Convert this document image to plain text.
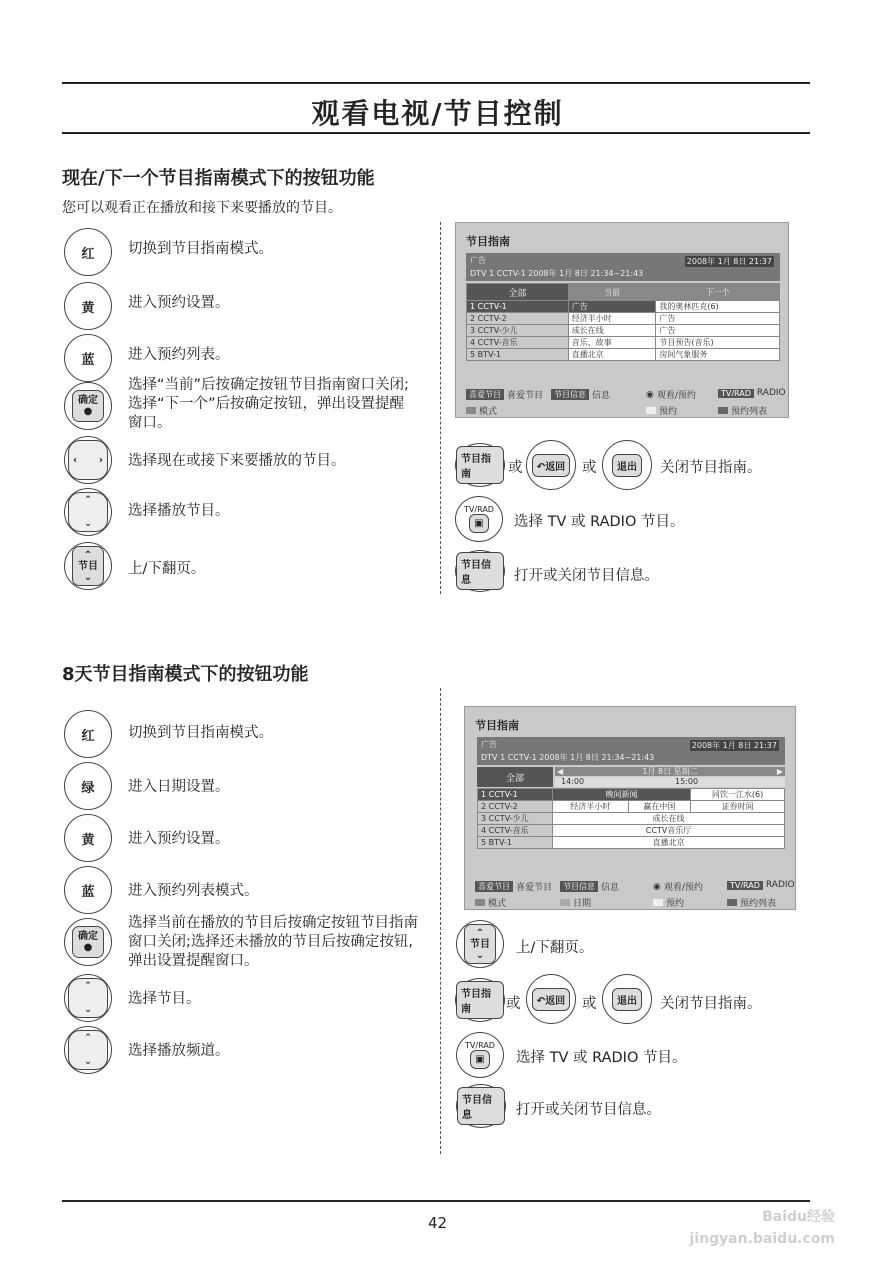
观看电视/节目控制
现在/下一个节目指南模式下的按钮功能
您可以观看正在播放和接下来要播放的节目。
红 切换到节目指南模式。
黄 进入预约设置。
蓝 进入预约列表。
确定
●
选择“当前”后按确定按钮节目指南窗口关闭;选择“下一个”后按确定按钮，弹出设置提醒窗口。
‹ › 选择现在或接下来要播放的节目。
⌃
⌄
选择播放节目。
⌃
节目
⌄ 上/下翻页。
节目指南
广告	2008年 1月 8日 21:37
DTV 1 CCTV-1 2008年 1月 8日 21:34~21:43
全部	当前	下一个
1 CCTV-1	广告	我的奥林匹克(6)
2 CCTV-2	经济半小时	广告
3 CCTV-少儿	成长在线	广告
4 CCTV-音乐	音乐、故事	节目预告(音乐)
5 BTV-1	直播北京	房间气象服务
喜爱节目 喜爱节目	节目信息 信息	◉ 观看/预约	TV/RAD RADIO
模式	预约	预约列表
节目指南	或	↶返回	或	退出	关闭节目指南。
TV/RAD
▣	选择 TV 或 RADIO 节目。
节目信息	打开或关闭节目信息。
8天节目指南模式下的按钮功能
红 切换到节目指南模式。
绿 进入日期设置。
黄 进入预约设置。
蓝 进入预约列表模式。
确定
●
选择当前在播放的节目后按确定按钮节目指南窗口关闭;选择还未播放的节目后按确定按钮,弹出设置提醒窗口。
⌃
⌄
选择节目。
⌃
⌄
选择播放频道。
节目指南
广告	2008年 1月 8日 21:37
DTV 1 CCTV-1 2008年 1月 8日 21:34~21:43
全部
◀	1月 8日 星期二	▶
14:00	15:00
1 CCTV-1	晚间新闻		同饮一江水(6)
2 CCTV-2	经济半小时	赢在中国	证券时间
3 CCTV-少儿	成长在线		
4 CCTV-音乐	CCTV音乐厅		
5 BTV-1	直播北京		
喜爱节目 喜爱节目	节目信息 信息	◉ 观看/预约	TV/RAD RADIO
模式	日期	预约	预约列表
⌃
节目
⌄ 上/下翻页。
节目指南	或	↶返回	或	退出	关闭节目指南。
TV/RAD
▣	选择 TV 或 RADIO 节目。
节目信息	打开或关闭节目信息。
42	Baidu经验 jingyan.baidu.com
